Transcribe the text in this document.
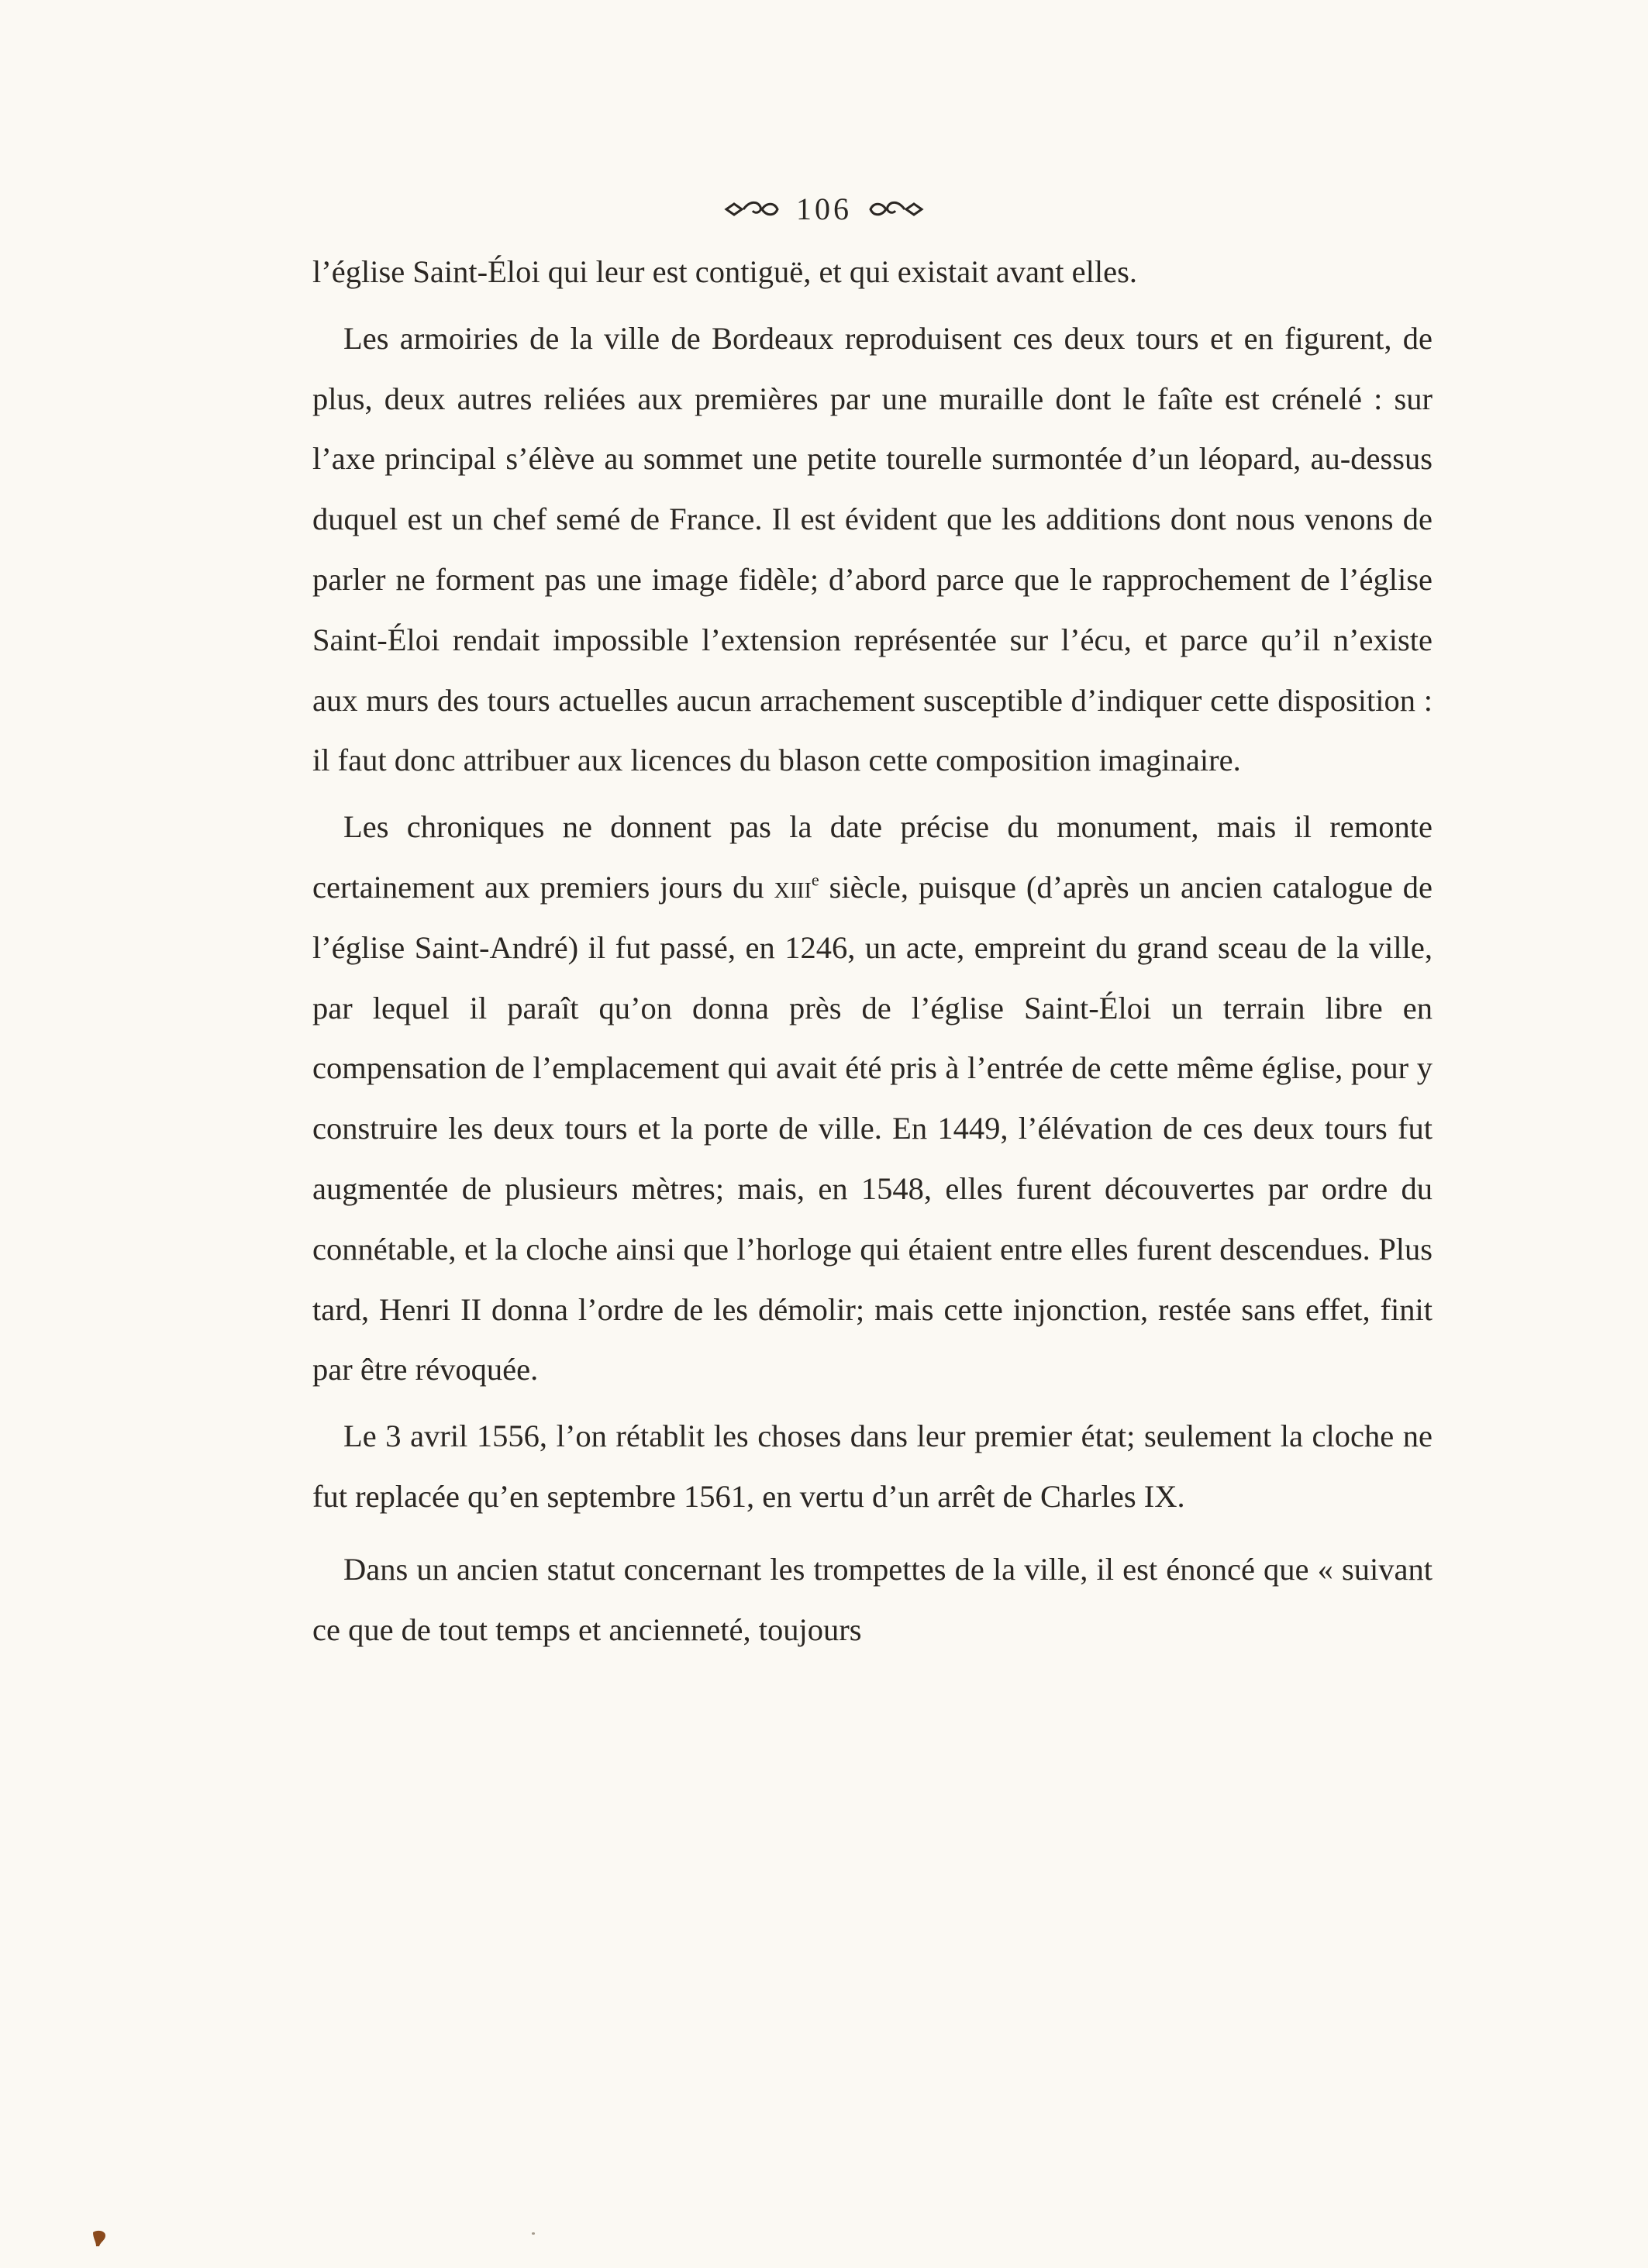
106

l’église Saint-Éloi qui leur est contiguë, et qui existait avant elles.

Les armoiries de la ville de Bordeaux reproduisent ces deux tours et en figurent, de plus, deux autres reliées aux premières par une muraille dont le faîte est crénelé : sur l’axe principal s’élève au sommet une petite tourelle surmontée d’un léopard, au-dessus duquel est un chef semé de France. Il est évident que les additions dont nous venons de parler ne forment pas une image fidèle; d’abord parce que le rapprochement de l’église Saint-Éloi rendait impossible l’extension représentée sur l’écu, et parce qu’il n’existe aux murs des tours actuelles aucun arrachement susceptible d’indiquer cette disposition : il faut donc attribuer aux licences du blason cette composition imaginaire.

Les chroniques ne donnent pas la date précise du monument, mais il remonte certainement aux premiers jours du xiii$^e$ siècle, puisque (d’après un ancien catalogue de l’église Saint-André) il fut passé, en 1246, un acte, empreint du grand sceau de la ville, par lequel il paraît qu’on donna près de l’église Saint-Éloi un terrain libre en compensation de l’emplacement qui avait été pris à l’entrée de cette même église, pour y construire les deux tours et la porte de ville. En 1449, l’élévation de ces deux tours fut augmentée de plusieurs mètres; mais, en 1548, elles furent découvertes par ordre du connétable, et la cloche ainsi que l’horloge qui étaient entre elles furent descendues. Plus tard, Henri II donna l’ordre de les démolir; mais cette injonction, restée sans effet, finit par être révoquée.

Le 3 avril 1556, l’on rétablit les choses dans leur premier état; seulement la cloche ne fut replacée qu’en septembre 1561, en vertu d’un arrêt de Charles IX.

Dans un ancien statut concernant les trompettes de la ville, il est énoncé que « suivant ce que de tout temps et ancienneté, toujours
